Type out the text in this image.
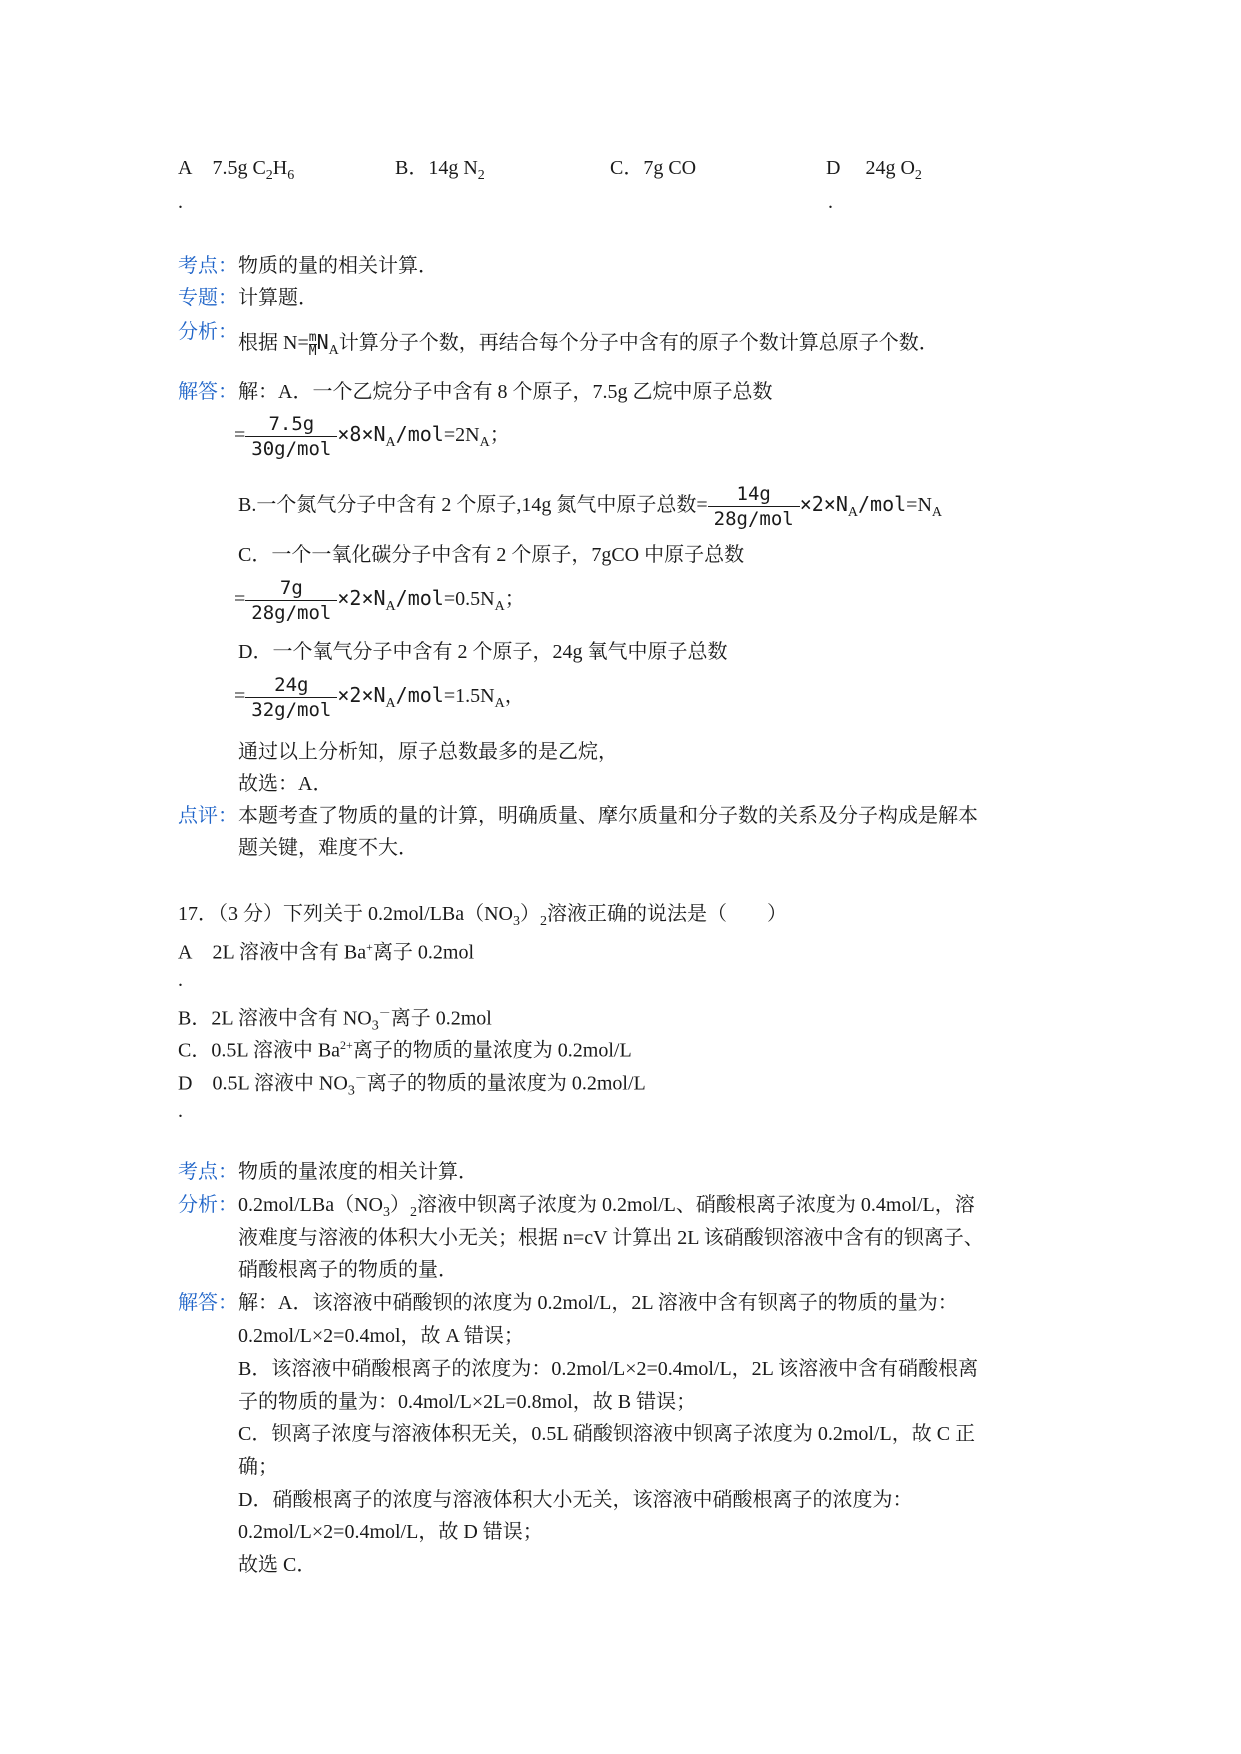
A 7.5g $C_2H_6$
.
B．14g $N_2$	C．7g CO	D 24g $O_2$
.
考点：物质的量的相关计算．
专题：计算题．
分析： 根据 $N= \frac{m}{M}N_A$计算分子个数，再结合每个分子中含有的原子个数计算总原子个数．
解答：解：A．一个乙烷分子中含有 8 个原子，7.5g 乙烷中原子总数
= $\frac{7.5g}{\text{30g/mol}} \times 8\times N_A/mol=2N_A$；
B.一个氮气分子中含有 2 个原子,14g 氮气中原子总数= $\frac{14g}{\text{28g/mol}} \times 2\times N_A/mol=N_A$
C．一个一氧化碳分子中含有 2 个原子，7gCO 中原子总数
= $\frac{7g}{\text{28g/mol}} \times 2\times N_A/mol=0.5N_A$；
D．一个氧气分子中含有 2 个原子，24g 氧气中原子总数
= $\frac{24g}{\text{32g/mol}} \times 2\times N_A/mol=1.5N_A$，
通过以上分析知，原子总数最多的是乙烷，
故选：A．
点评：本题考查了物质的量的计算，明确质量、摩尔质量和分子数的关系及分子构成是解本
题关键，难度不大．
17．（3 分）下列关于 $0.2mol/LBa(NO_3)_2$溶液正确的说法是（　　）
A 2L 溶液中含有 Ba+离子 0.2mol
.
B．2L 溶液中含有 $NO_3^-$离子 0.2mol
C．0.5L 溶液中 $Ba^{2+}$离子的物质的量浓度为 0.2mol/L
D 0.5L 溶液中 $NO_3^-$离子的物质的量浓度为 0.2mol/L
.
考点：物质的量浓度的相关计算．
分析：$0.2mol/LBa(NO_3)_2$溶液中钡离子浓度为 0.2mol/L、硝酸根离子浓度为 0.4mol/L，溶
液难度与溶液的体积大小无关；根据 n=cV 计算出 2L 该硝酸钡溶液中含有的钡离子、
硝酸根离子的物质的量．
解答：解：A．该溶液中硝酸钡的浓度为 0.2mol/L，2L 溶液中含有钡离子的物质的量为：
0.2mol/L×2=0.4mol，故 A 错误；
B．该溶液中硝酸根离子的浓度为：0.2mol/L×2=0.4mol/L，2L 该溶液中含有硝酸根离
子的物质的量为：0.4mol/L×2L=0.8mol，故 B 错误；
C．钡离子浓度与溶液体积无关，0.5L 硝酸钡溶液中钡离子浓度为 0.2mol/L，故 C 正
确；
D．硝酸根离子的浓度与溶液体积大小无关，该溶液中硝酸根离子的浓度为：
0.2mol/L×2=0.4mol/L，故 D 错误；
故选 C．
